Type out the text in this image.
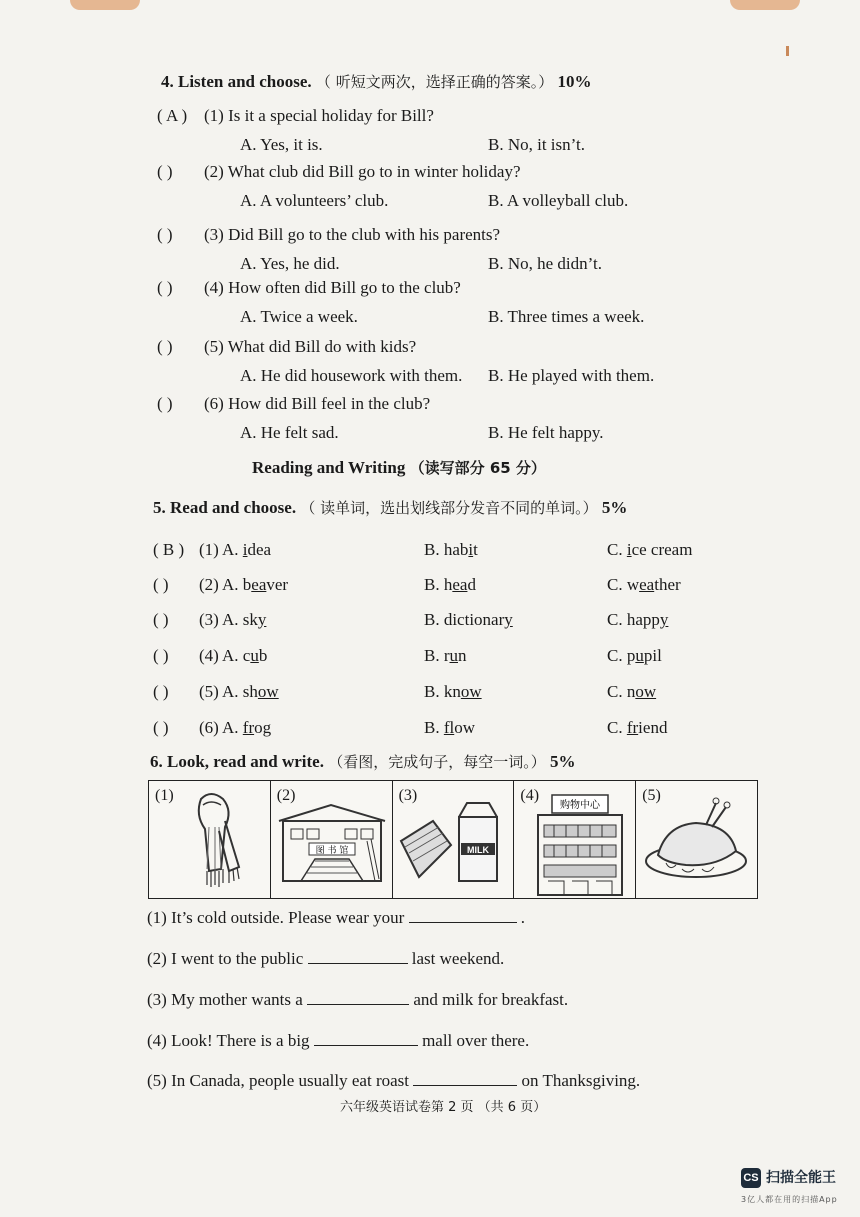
4. Listen and choose. （ 听短文两次，选择正确的答案。） 10%
( A ) (1) Is it a special holiday for Bill?
A. Yes, it is.	B. No, it isn’t.
( ) (2) What club did Bill go to in winter holiday?
A. A volunteers’ club.	B. A volleyball club.
( ) (3) Did Bill go to the club with his parents?
A. Yes, he did.	B. No, he didn’t.
( ) (4) How often did Bill go to the club?
A. Twice a week.	B. Three times a week.
( ) (5) What did Bill do with kids?
A. He did housework with them. B. He played with them.
( ) (6) How did Bill feel in the club?
A. He felt sad.	B. He felt happy.
Reading and Writing （读写部分 65 分）
5. Read and choose. （ 读单词，选出划线部分发音不同的单词。） 5%
( B ) (1) A. idea	B. habit	C. ice cream
( ) (2) A. beaver	B. head	C. weather
( ) (3) A. sky	B. dictionary	C. happy
( ) (4) A. cub	B. run	C. pupil
( ) (5) A. show	B. know	C. now
( ) (6) A. frog	B. flow	C. friend
6. Look, read and write. （看图，完成句子，每空一词。） 5%
(1)	(2)
图 书 馆
(3)
MILK
(4)
购物中心
(5)
(1) It’s cold outside. Please wear your	.
(2) I went to the public	last weekend.
(3) My mother wants a	and milk for breakfast.
(4) Look! There is a big	mall over there.
(5) In Canada, people usually eat roast	on Thanksgiving.
六年级英语试卷第 2 页 （共 6 页）
CS 扫描全能王
3亿人都在用的扫描App
